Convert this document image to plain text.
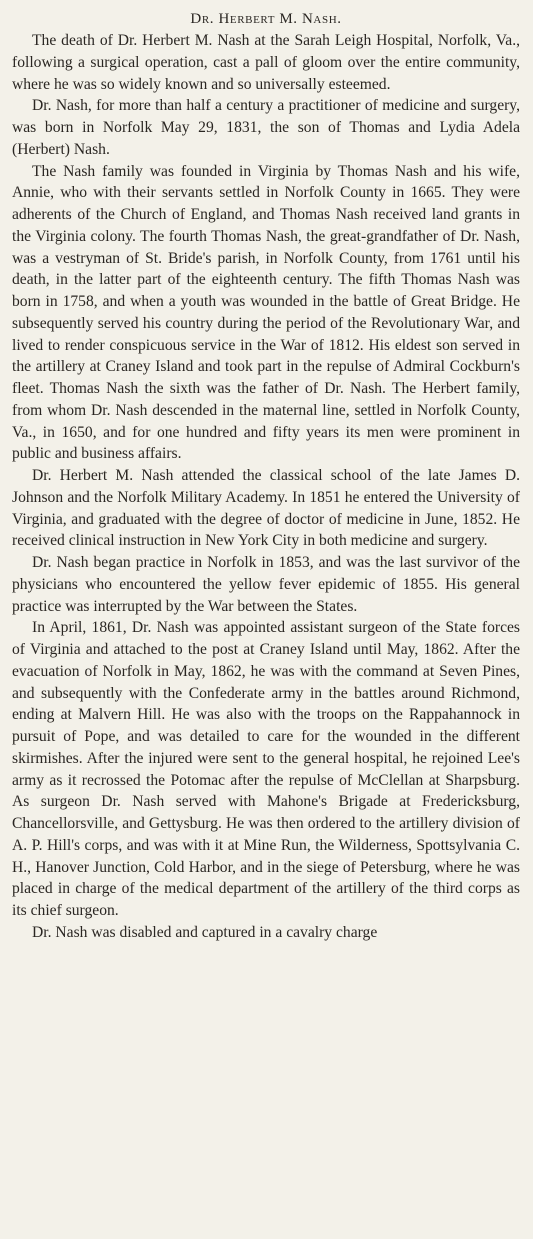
Dr. Herbert M. Nash.

The death of Dr. Herbert M. Nash at the Sarah Leigh Hospital, Norfolk, Va., following a surgical operation, cast a pall of gloom over the entire community, where he was so widely known and so universally esteemed.

Dr. Nash, for more than half a century a practitioner of medicine and surgery, was born in Norfolk May 29, 1831, the son of Thomas and Lydia Adela (Herbert) Nash.

The Nash family was founded in Virginia by Thomas Nash and his wife, Annie, who with their servants settled in Norfolk County in 1665. They were adherents of the Church of England, and Thomas Nash received land grants in the Virginia colony. The fourth Thomas Nash, the great-grandfather of Dr. Nash, was a vestryman of St. Bride's parish, in Norfolk County, from 1761 until his death, in the latter part of the eighteenth century. The fifth Thomas Nash was born in 1758, and when a youth was wounded in the battle of Great Bridge. He subsequently served his country during the period of the Revolutionary War, and lived to render conspicuous service in the War of 1812. His eldest son served in the artillery at Craney Island and took part in the repulse of Admiral Cockburn's fleet. Thomas Nash the sixth was the father of Dr. Nash. The Herbert family, from whom Dr. Nash descended in the maternal line, settled in Norfolk County, Va., in 1650, and for one hundred and fifty years its men were prominent in public and business affairs.

Dr. Herbert M. Nash attended the classical school of the late James D. Johnson and the Norfolk Military Academy. In 1851 he entered the University of Virginia, and graduated with the degree of doctor of medicine in June, 1852. He received clinical instruction in New York City in both medicine and surgery.

Dr. Nash began practice in Norfolk in 1853, and was the last survivor of the physicians who encountered the yellow fever epidemic of 1855. His general practice was interrupted by the War between the States.

In April, 1861, Dr. Nash was appointed assistant surgeon of the State forces of Virginia and attached to the post at Craney Island until May, 1862. After the evacuation of Norfolk in May, 1862, he was with the command at Seven Pines, and subsequently with the Confederate army in the battles around Richmond, ending at Malvern Hill. He was also with the troops on the Rappahannock in pursuit of Pope, and was detailed to care for the wounded in the different skirmishes. After the injured were sent to the general hospital, he rejoined Lee's army as it recrossed the Potomac after the repulse of McClellan at Sharpsburg. As surgeon Dr. Nash served with Mahone's Brigade at Fredericksburg, Chancellorsville, and Gettysburg. He was then ordered to the artillery division of A. P. Hill's corps, and was with it at Mine Run, the Wilderness, Spottsylvania C. H., Hanover Junction, Cold Harbor, and in the siege of Petersburg, where he was placed in charge of the medical department of the artillery of the third corps as its chief surgeon.

Dr. Nash was disabled and captured in a cavalry charge
